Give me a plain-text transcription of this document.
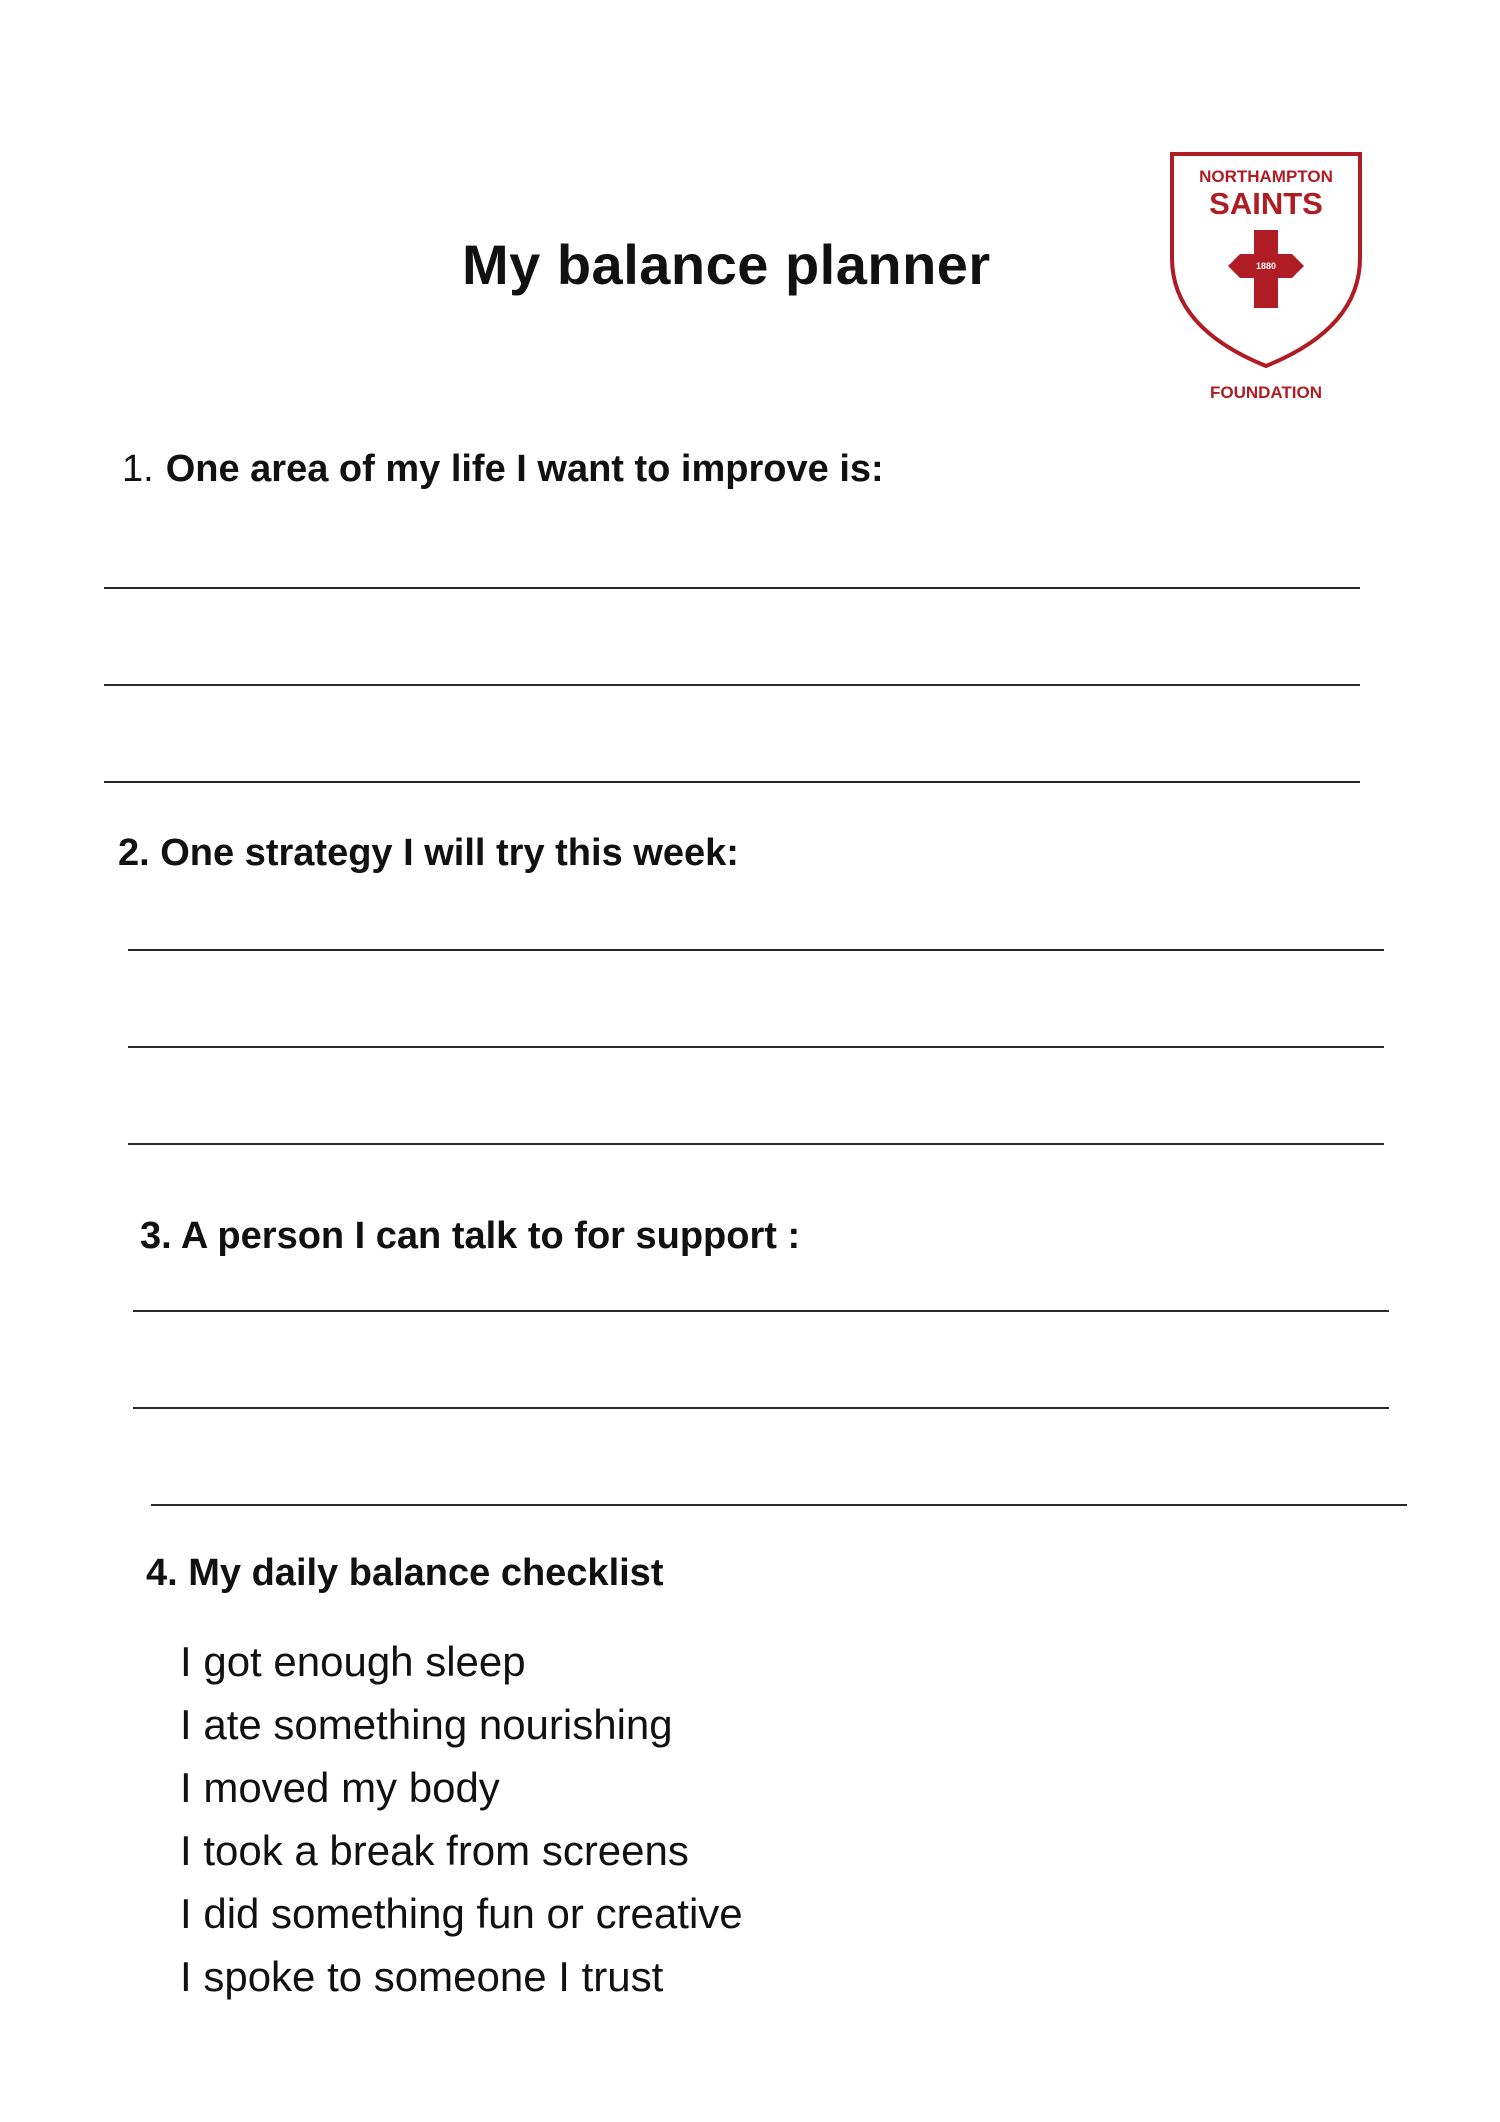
My balance planner
NORTHAMPTON
SAINTS
1880
FOUNDATION
1. One area of my life I want to improve is:
2. One strategy I will try this week:
3. A person I can talk to for support :
4. My daily balance checklist
I got enough sleep
I ate something nourishing
I moved my body
I took a break from screens
I did something fun or creative
I spoke to someone I trust
